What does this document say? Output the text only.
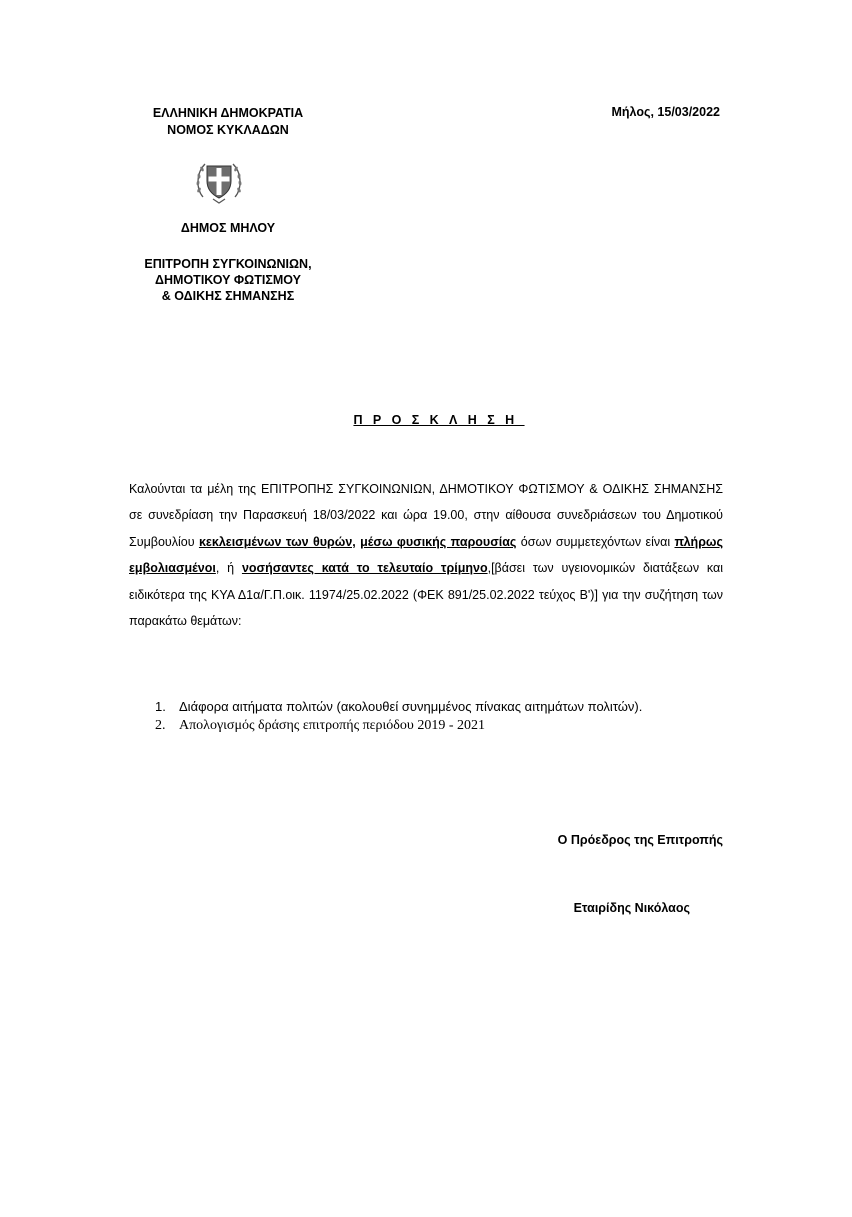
ΕΛΛΗΝΙΚΗ ΔΗΜΟΚΡΑΤΙΑ
ΝΟΜΟΣ ΚΥΚΛΑΔΩΝ
ΔΗΜΟΣ ΜΗΛΟΥ
ΕΠΙΤΡΟΠΗ ΣΥΓΚΟΙΝΩΝΙΩΝ,
ΔΗΜΟΤΙΚΟΥ ΦΩΤΙΣΜΟΥ
& ΟΔΙΚΗΣ ΣΗΜΑΝΣΗΣ
Μήλος, 15/03/2022
ΠΡΟΣΚΛΗΣΗ

Καλούνται τα μέλη της ΕΠΙΤΡΟΠΗΣ ΣΥΓΚΟΙΝΩΝΙΩΝ, ΔΗΜΟΤΙΚΟΥ ΦΩΤΙΣΜΟΥ & ΟΔΙΚΗΣ ΣΗΜΑΝΣΗΣ σε συνεδρίαση την Παρασκευή 18/03/2022 και ώρα 19.00, στην αίθουσα συνεδριάσεων του Δημοτικού Συμβουλίου κεκλεισμένων των θυρών, μέσω φυσικής παρουσίας όσων συμμετεχόντων είναι πλήρως εμβολιασμένοι, ή νοσήσαντες κατά το τελευταίο τρίμηνο,[βάσει των υγειονομικών διατάξεων και ειδικότερα της ΚΥΑ Δ1α/Γ.Π.οικ. 11974/25.02.2022 (ΦΕΚ 891/25.02.2022 τεύχος Β')] για την συζήτηση των παρακάτω θεμάτων:

1.	Διάφορα αιτήματα πολιτών (ακολουθεί συνημμένος πίνακας αιτημάτων πολιτών).
2. Απολογισμός δράσης επιτροπής περιόδου 2019 - 2021
Ο Πρόεδρος της Επιτροπής
Εταιρίδης Νικόλαος
